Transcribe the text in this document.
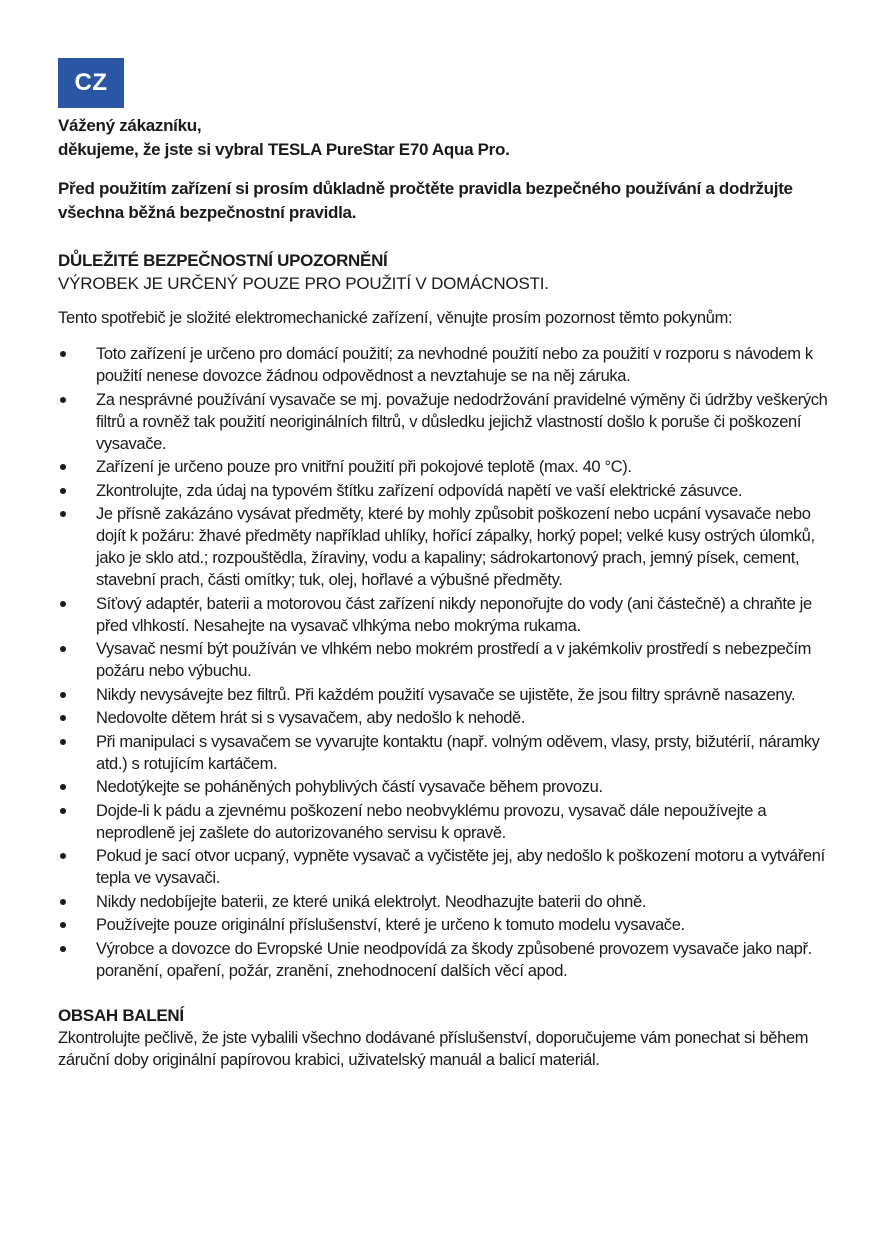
CZ
Vážený zákazníku,
děkujeme, že jste si vybral TESLA PureStar E70 Aqua Pro.
Před použitím zařízení si prosím důkladně pročtěte pravidla bezpečného používání a dodržujte všechna běžná bezpečnostní pravidla.
DŮLEŽITÉ BEZPEČNOSTNÍ UPOZORNĚNÍ
VÝROBEK JE URČENÝ POUZE PRO POUŽITÍ V DOMÁCNOSTI.
Tento spotřebič je složité elektromechanické zařízení, věnujte prosím pozornost těmto pokynům:
Toto zařízení je určeno pro domácí použití; za nevhodné použití nebo za použití v rozporu s návodem k použití nenese dovozce žádnou odpovědnost a nevztahuje se na něj záruka.
Za nesprávné používání vysavače se mj. považuje nedodržování pravidelné výměny či údržby veškerých filtrů a rovněž tak použití neoriginálních filtrů, v důsledku jejichž vlastností došlo k poruše či poškození vysavače.
Zařízení je určeno pouze pro vnitřní použití při pokojové teplotě (max. 40 °C).
Zkontrolujte, zda údaj na typovém štítku zařízení odpovídá napětí ve vaší elektrické zásuvce.
Je přísně zakázáno vysávat předměty, které by mohly způsobit poškození nebo ucpání vysavače nebo dojít k požáru: žhavé předměty například uhlíky, hořící zápalky, horký popel; velké kusy ostrých úlomků, jako je sklo atd.; rozpouštědla, žíraviny, vodu a kapaliny; sádrokartonový prach, jemný písek, cement, stavební prach, části omítky; tuk, olej, hořlavé a výbušné předměty.
Síťový adaptér, baterii a motorovou část zařízení nikdy neponořujte do vody (ani částečně) a chraňte je před vlhkostí. Nesahejte na vysavač vlhkýma nebo mokrýma rukama.
Vysavač nesmí být používán ve vlhkém nebo mokrém prostředí a v jakémkoliv prostředí s nebezpečím požáru nebo výbuchu.
Nikdy nevysávejte bez filtrů. Při každém použití vysavače se ujistěte, že jsou filtry správně nasazeny.
Nedovolte dětem hrát si s vysavačem, aby nedošlo k nehodě.
Při manipulaci s vysavačem se vyvarujte kontaktu (např. volným oděvem, vlasy, prsty, bižutérií, náramky atd.) s rotujícím kartáčem.
Nedotýkejte se poháněných pohyblivých částí vysavače během provozu.
Dojde-li k pádu a zjevnému poškození nebo neobvyklému provozu, vysavač dále nepoužívejte a neprodleně jej zašlete do autorizovaného servisu k opravě.
Pokud je sací otvor ucpaný, vypněte vysavač a vyčistěte jej, aby nedošlo k poškození motoru a vytváření tepla ve vysavači.
Nikdy nedobíjejte baterii, ze které uniká elektrolyt. Neodhazujte baterii do ohně.
Používejte pouze originální příslušenství, které je určeno k tomuto modelu vysavače.
Výrobce a dovozce do Evropské Unie neodpovídá za škody způsobené provozem vysavače jako např. poranění, opaření, požár, zranění, znehodnocení dalších věcí apod.
OBSAH BALENÍ
Zkontrolujte pečlivě, že jste vybalili všechno dodávané příslušenství, doporučujeme vám ponechat si během záruční doby originální papírovou krabici, uživatelský manuál a balicí materiál.
